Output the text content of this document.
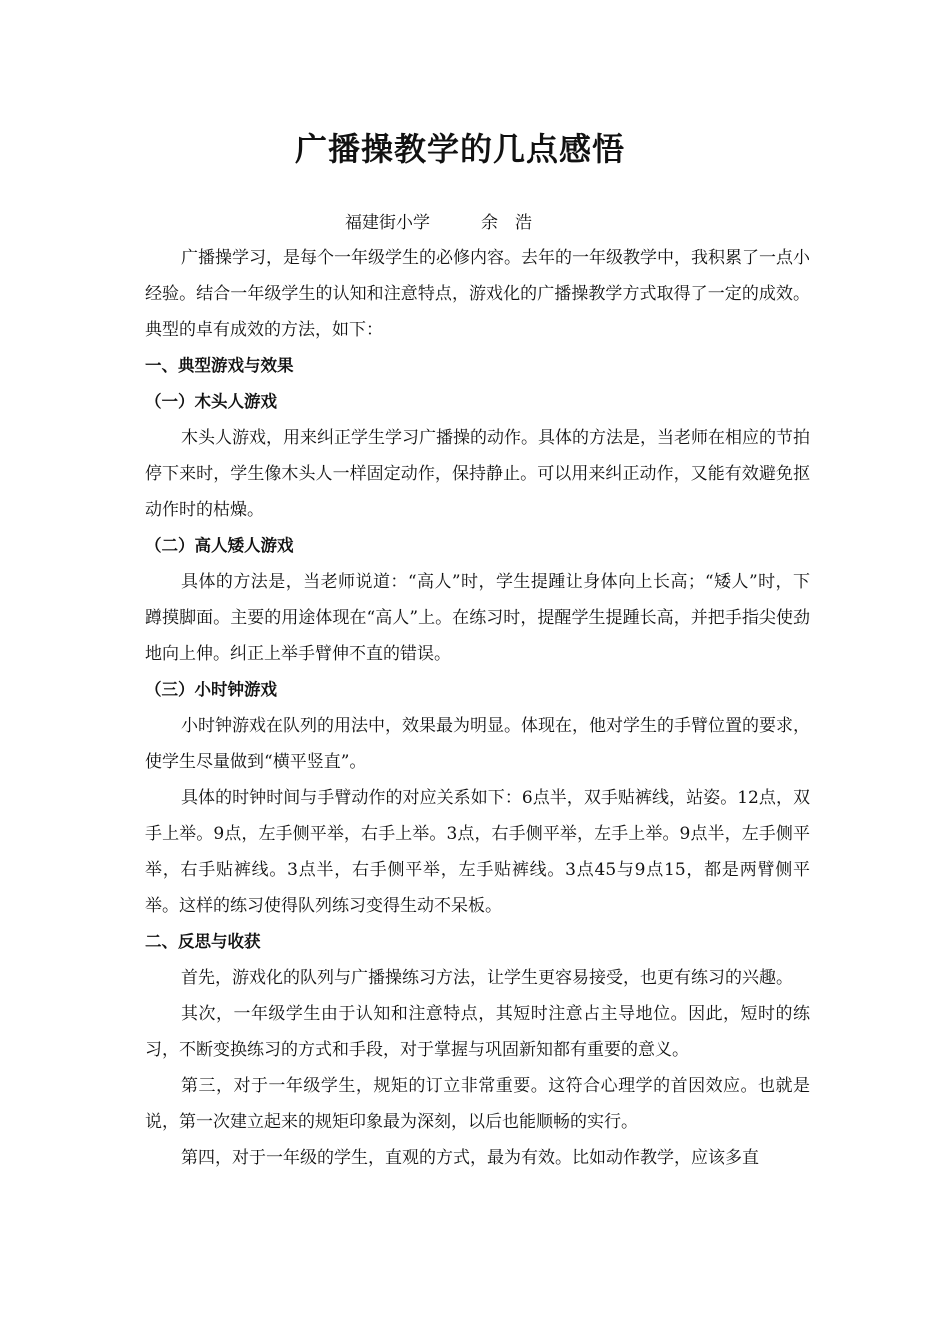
广播操教学的几点感悟
福建街小学　　　余　浩

广播操学习，是每个一年级学生的必修内容。去年的一年级教学中，我积累了一点小经验。结合一年级学生的认知和注意特点，游戏化的广播操教学方式取得了一定的成效。典型的卓有成效的方法，如下：

一、典型游戏与效果
（一）木头人游戏

木头人游戏，用来纠正学生学习广播操的动作。具体的方法是，当老师在相应的节拍停下来时，学生像木头人一样固定动作，保持静止。可以用来纠正动作，又能有效避免抠动作时的枯燥。

（二）高人矮人游戏

具体的方法是，当老师说道：“高人”时，学生提踵让身体向上长高；“矮人”时，下蹲摸脚面。主要的用途体现在“高人”上。在练习时，提醒学生提踵长高，并把手指尖使劲地向上伸。纠正上举手臂伸不直的错误。

（三）小时钟游戏

小时钟游戏在队列的用法中，效果最为明显。体现在，他对学生的手臂位置的要求，使学生尽量做到“横平竖直”。

具体的时钟时间与手臂动作的对应关系如下：6点半，双手贴裤线，站姿。12点，双手上举。9点，左手侧平举，右手上举。3点，右手侧平举，左手上举。9点半，左手侧平举，右手贴裤线。3点半，右手侧平举，左手贴裤线。3点45与9点15，都是两臂侧平举。这样的练习使得队列练习变得生动不呆板。

二、反思与收获

首先，游戏化的队列与广播操练习方法，让学生更容易接受，也更有练习的兴趣。

其次，一年级学生由于认知和注意特点，其短时注意占主导地位。因此，短时的练习，不断变换练习的方式和手段，对于掌握与巩固新知都有重要的意义。

第三，对于一年级学生，规矩的订立非常重要。这符合心理学的首因效应。也就是说，第一次建立起来的规矩印象最为深刻，以后也能顺畅的实行。

第四，对于一年级的学生，直观的方式，最为有效。比如动作教学，应该多直
